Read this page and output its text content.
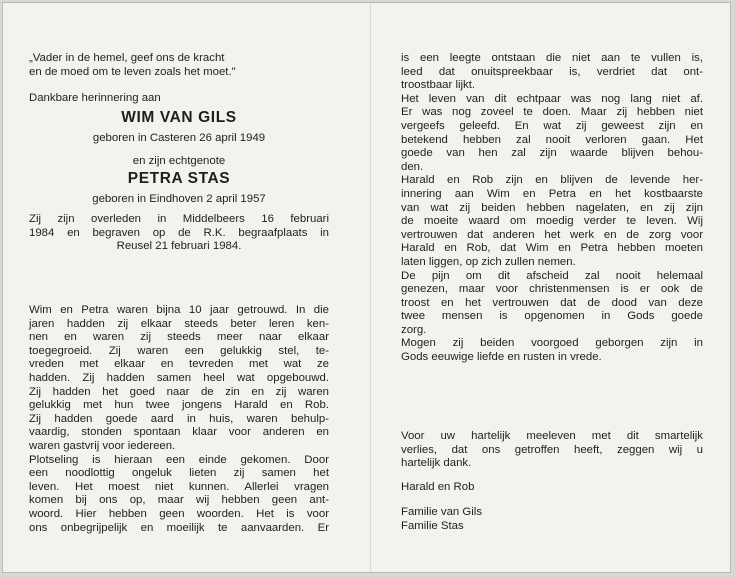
„Vader in de hemel, geef ons de kracht
en de moed om te leven zoals het moet."
Dankbare herinnering aan
WIM VAN GILS
geboren in Casteren 26 april 1949
en zijn echtgenote
PETRA STAS
geboren in Eindhoven 2 april 1957
Zij zijn overleden in Middelbeers 16 februari
1984 en begraven op de R.K. begraafplaats in
Reusel 21 februari 1984.
Wim en Petra waren bijna 10 jaar getrouwd. In die
jaren hadden zij elkaar steeds beter leren ken-
nen en waren zij steeds meer naar elkaar
toegegroeid. Zij waren een gelukkig stel, te-
vreden met elkaar en tevreden met wat ze
hadden. Zij hadden samen heel wat opgebouwd.
Zij hadden het goed naar de zin en zij waren
gelukkig met hun twee jongens Harald en Rob.
Zij hadden goede aard in huis, waren behulp-
vaardig, stonden spontaan klaar voor anderen en
waren gastvrij voor iedereen.
Plotseling is hieraan een einde gekomen. Door
een noodlottig ongeluk lieten zij samen het
leven. Het moest niet kunnen. Allerlei vragen
komen bij ons op, maar wij hebben geen ant-
woord. Hier hebben geen woorden. Het is voor
ons onbegrijpelijk en moeilijk te aanvaarden. Er
is een leegte ontstaan die niet aan te vullen is,
leed dat onuitspreekbaar is, verdriet dat ont-
troostbaar lijkt.
Het leven van dit echtpaar was nog lang niet af.
Er was nog zoveel te doen. Maar zij hebben niet
vergeefs geleefd. En wat zij geweest zijn en
betekend hebben zal nooit verloren gaan. Het
goede van hen zal zijn waarde blijven behou-
den.
Harald en Rob zijn en blijven de levende her-
innering aan Wim en Petra en het kostbaarste
van wat zij beiden hebben nagelaten, en zij zijn
de moeite waard om moedig verder te leven. Wij
vertrouwen dat anderen het werk en de zorg voor
Harald en Rob, dat Wim en Petra hebben moeten
laten liggen, op zich zullen nemen.
De pijn om dit afscheid zal nooit helemaal
genezen, maar voor christenmensen is er ook de
troost en het vertrouwen dat de dood van deze
twee mensen is opgenomen in Gods goede
zorg.
Mogen zij beiden voorgoed geborgen zijn in
Gods eeuwige liefde en rusten in vrede.
Voor uw hartelijk meeleven met dit smartelijk
verlies, dat ons getroffen heeft, zeggen wij u
hartelijk dank.
Harald en Rob
Familie van Gils
Familie Stas
